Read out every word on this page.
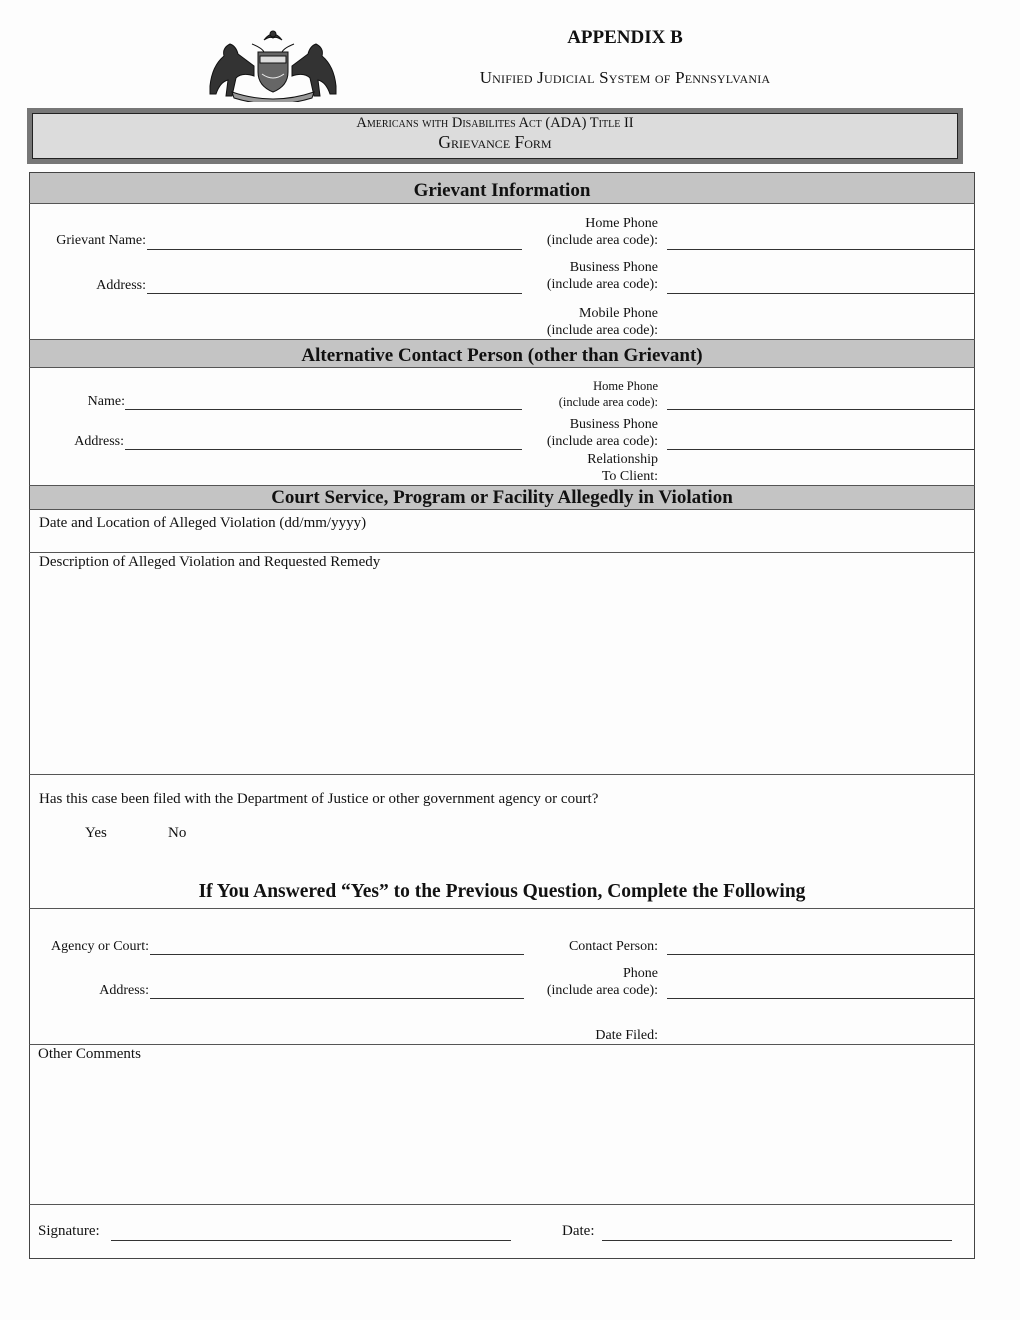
APPENDIX B
Unified Judicial System of Pennsylvania
Americans with Disabilites Act (ADA) Title II
Grievance Form
Grievant Information
Grievant Name:
Address:
Home Phone
(include area code):
Business Phone
(include area code):
Mobile Phone
(include area code):
Alternative Contact Person (other than Grievant)
Name:
Address:
Home Phone
(include area code):
Business Phone
(include area code):
Relationship
To Client:
Court Service, Program or Facility Allegedly in Violation
Date and Location of Alleged Violation (dd/mm/yyyy)
Description of Alleged Violation and Requested Remedy
Has this case been filed with the Department of Justice or other government agency or court?
Yes	No
If You Answered “Yes” to the Previous Question, Complete the Following
Agency or Court:
Address:
Contact Person:
Phone
(include area code):
Date Filed:
Other Comments
Signature:	Date:
